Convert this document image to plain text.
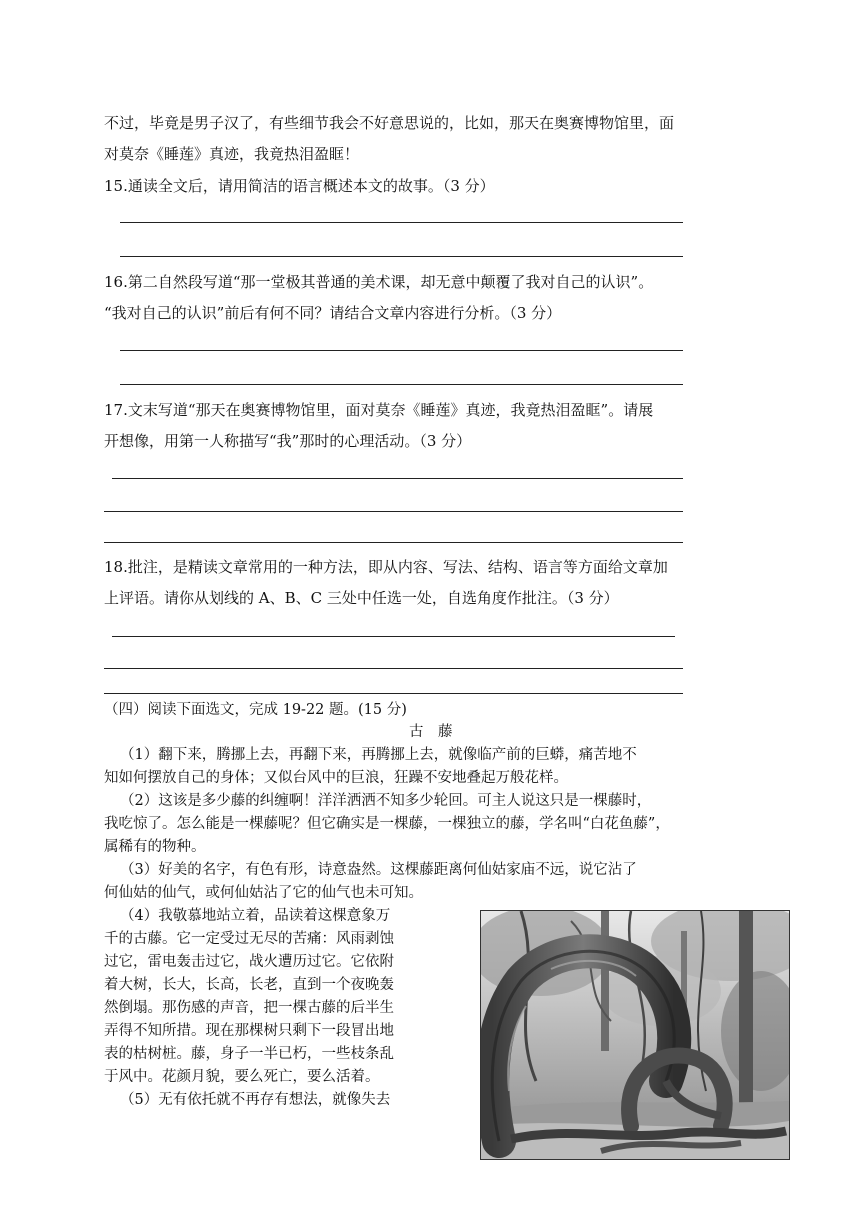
不过，毕竟是男子汉了，有些细节我会不好意思说的，比如，那天在奥赛博物馆里，面
对莫奈《睡莲》真迹，我竟热泪盈眶！
15.通读全文后，请用简洁的语言概述本文的故事。（3 分）
16.第二自然段写道“那一堂极其普通的美术课，却无意中颠覆了我对自己的认识”。
“我对自己的认识”前后有何不同？请结合文章内容进行分析。（3 分）
17.文末写道“那天在奥赛博物馆里，面对莫奈《睡莲》真迹，我竟热泪盈眶”。请展
开想像，用第一人称描写“我”那时的心理活动。（3 分）
18.批注，是精读文章常用的一种方法，即从内容、写法、结构、语言等方面给文章加
上评语。请你从划线的 A、B、C 三处中任选一处，自选角度作批注。（3 分）
（四）阅读下面选文，完成 19-22 题。(15 分)
古　藤
（1）翻下来，腾挪上去，再翻下来，再腾挪上去，就像临产前的巨蟒，痛苦地不
知如何摆放自己的身体；又似台风中的巨浪，狂躁不安地叠起万般花样。
（2）这该是多少藤的纠缠啊！洋洋洒洒不知多少轮回。可主人说这只是一棵藤时，
我吃惊了。怎么能是一棵藤呢？但它确实是一棵藤，一棵独立的藤，学名叫“白花鱼藤”，
属稀有的物种。
（3）好美的名字，有色有形，诗意盎然。这棵藤距离何仙姑家庙不远，说它沾了
何仙姑的仙气，或何仙姑沾了它的仙气也未可知。
（4）我敬慕地站立着，品读着这棵意象万
千的古藤。它一定受过无尽的苦痛：风雨剥蚀
过它，雷电轰击过它，战火遭历过它。它依附
着大树，长大，长高，长老，直到一个夜晚轰
然倒塌。那伤感的声音，把一棵古藤的后半生
弄得不知所措。现在那棵树只剩下一段冒出地
表的枯树桩。藤，身子一半已朽，一些枝条乱
于风中。花颜月貌，要么死亡，要么活着。
（5）无有依托就不再存有想法，就像失去
